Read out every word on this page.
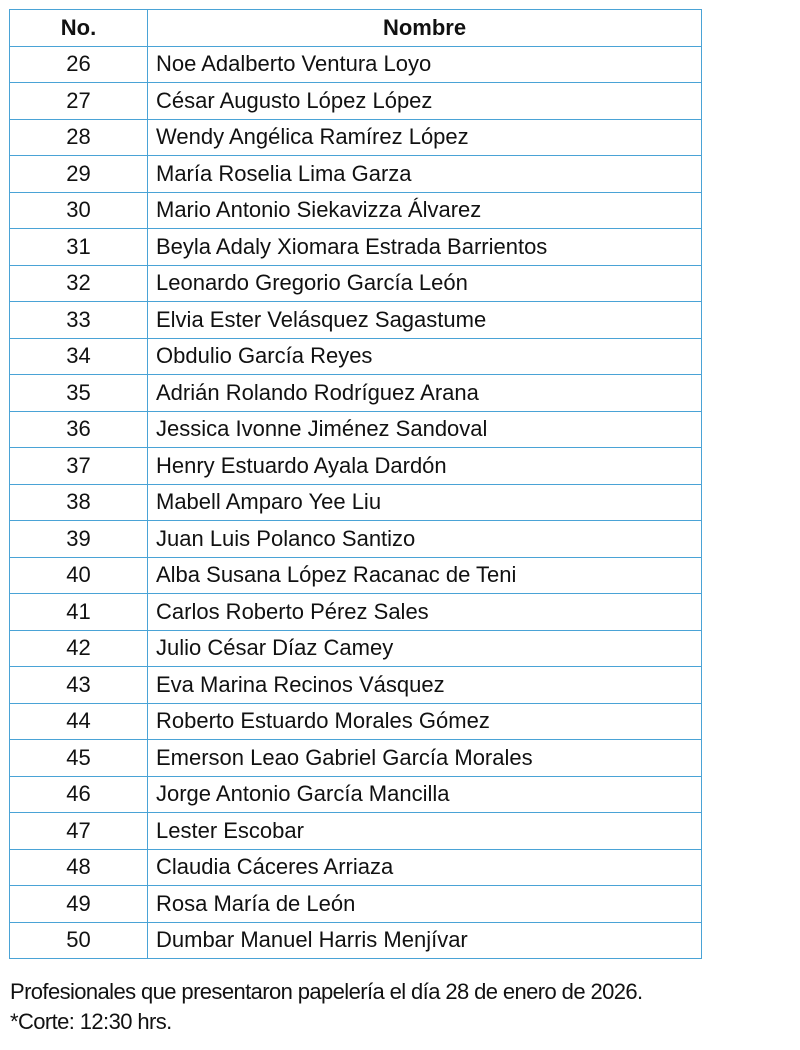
No.	Nombre
26	Noe Adalberto Ventura Loyo
27	César Augusto López López
28	Wendy Angélica Ramírez López
29	María Roselia Lima Garza
30	Mario Antonio Siekavizza Álvarez
31	Beyla Adaly Xiomara Estrada Barrientos
32	Leonardo Gregorio García León
33	Elvia Ester Velásquez Sagastume
34	Obdulio García Reyes
35	Adrián Rolando Rodríguez Arana
36	Jessica Ivonne Jiménez Sandoval
37	Henry Estuardo Ayala Dardón
38	Mabell Amparo Yee Liu
39	Juan Luis Polanco Santizo
40	Alba Susana López Racanac de Teni
41	Carlos Roberto Pérez Sales
42	Julio César Díaz Camey
43	Eva Marina Recinos Vásquez
44	Roberto Estuardo Morales Gómez
45	Emerson Leao Gabriel García Morales
46	Jorge Antonio García Mancilla
47	Lester Escobar
48	Claudia Cáceres Arriaza
49	Rosa María de León
50	Dumbar Manuel Harris Menjívar
Profesionales que presentaron papelería el día 28 de enero de 2026.
*Corte: 12:30 hrs.
